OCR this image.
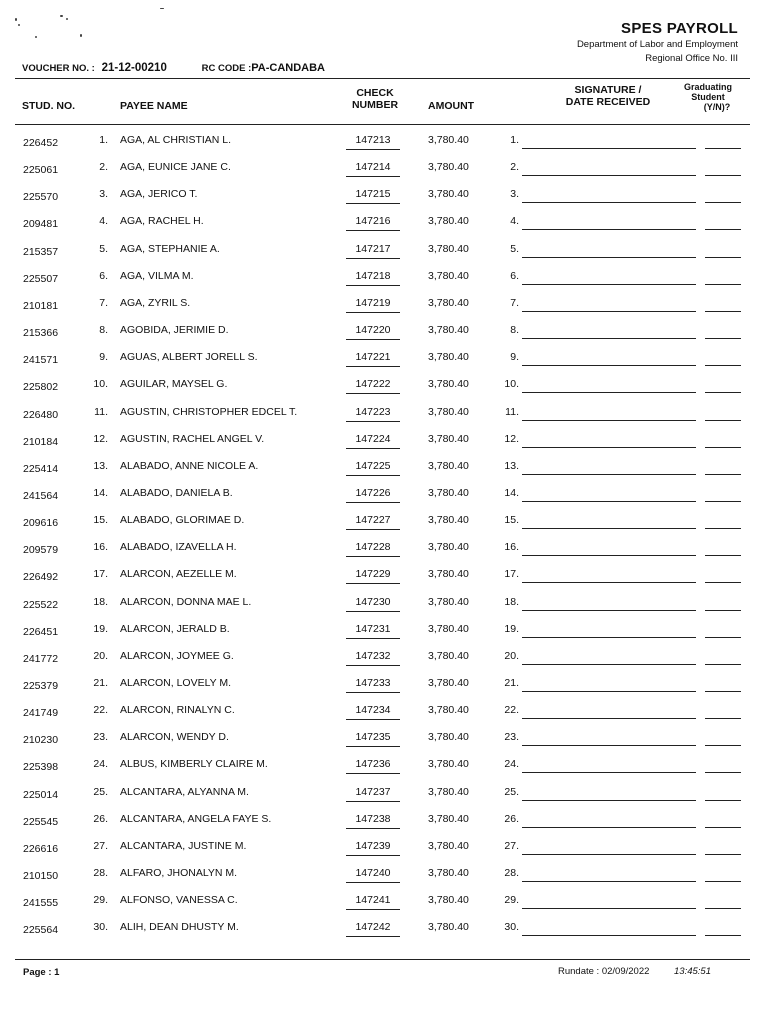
SPES PAYROLL
Department of Labor and Employment
Regional Office No. III
VOUCHER NO. : 21-12-00210	RC CODE :PA-CANDABA
STUD. NO.	PAYEE NAME
CHECK
NUMBER	AMOUNT
SIGNATURE /
DATE RECEIVED
Graduating
Student
(Y/N)?
226452	1. AGA, AL CHRISTIAN L.	147213	3,780.40	1.
225061	2. AGA, EUNICE JANE C.	147214	3,780.40	2.
225570	3. AGA, JERICO T.	147215	3,780.40	3.
209481	4. AGA, RACHEL H.	147216	3,780.40	4.
215357	5. AGA, STEPHANIE A.	147217	3,780.40	5.
225507	6. AGA, VILMA M.	147218	3,780.40	6.
210181	7. AGA, ZYRIL S.	147219	3,780.40	7.
215366	8. AGOBIDA, JERIMIE D.	147220	3,780.40	8.
241571	9. AGUAS, ALBERT JORELL S.	147221	3,780.40	9.
225802	10. AGUILAR, MAYSEL G.	147222	3,780.40	10.
226480	11. AGUSTIN, CHRISTOPHER EDCEL T.	147223	3,780.40	11.
210184	12. AGUSTIN, RACHEL ANGEL V.	147224	3,780.40	12.
225414	13. ALABADO, ANNE NICOLE A.	147225	3,780.40	13.
241564	14. ALABADO, DANIELA B.	147226	3,780.40	14.
209616	15. ALABADO, GLORIMAE D.	147227	3,780.40	15.
209579	16. ALABADO, IZAVELLA H.	147228	3,780.40	16.
226492	17. ALARCON, AEZELLE M.	147229	3,780.40	17.
225522	18. ALARCON, DONNA MAE L.	147230	3,780.40	18.
226451	19. ALARCON, JERALD B.	147231	3,780.40	19.
241772	20. ALARCON, JOYMEE G.	147232	3,780.40	20.
225379	21. ALARCON, LOVELY M.	147233	3,780.40	21.
241749	22. ALARCON, RINALYN C.	147234	3,780.40	22.
210230	23. ALARCON, WENDY D.	147235	3,780.40	23.
225398	24. ALBUS, KIMBERLY CLAIRE M.	147236	3,780.40	24.
225014	25. ALCANTARA, ALYANNA M.	147237	3,780.40	25.
225545	26. ALCANTARA, ANGELA FAYE S.	147238	3,780.40	26.
226616	27. ALCANTARA, JUSTINE M.	147239	3,780.40	27.
210150	28. ALFARO, JHONALYN M.	147240	3,780.40	28.
241555	29. ALFONSO, VANESSA C.	147241	3,780.40	29.
225564	30. ALIH, DEAN DHUSTY M.	147242	3,780.40	30.
Page : 1	Rundate : 02/09/2022	13:45:51
